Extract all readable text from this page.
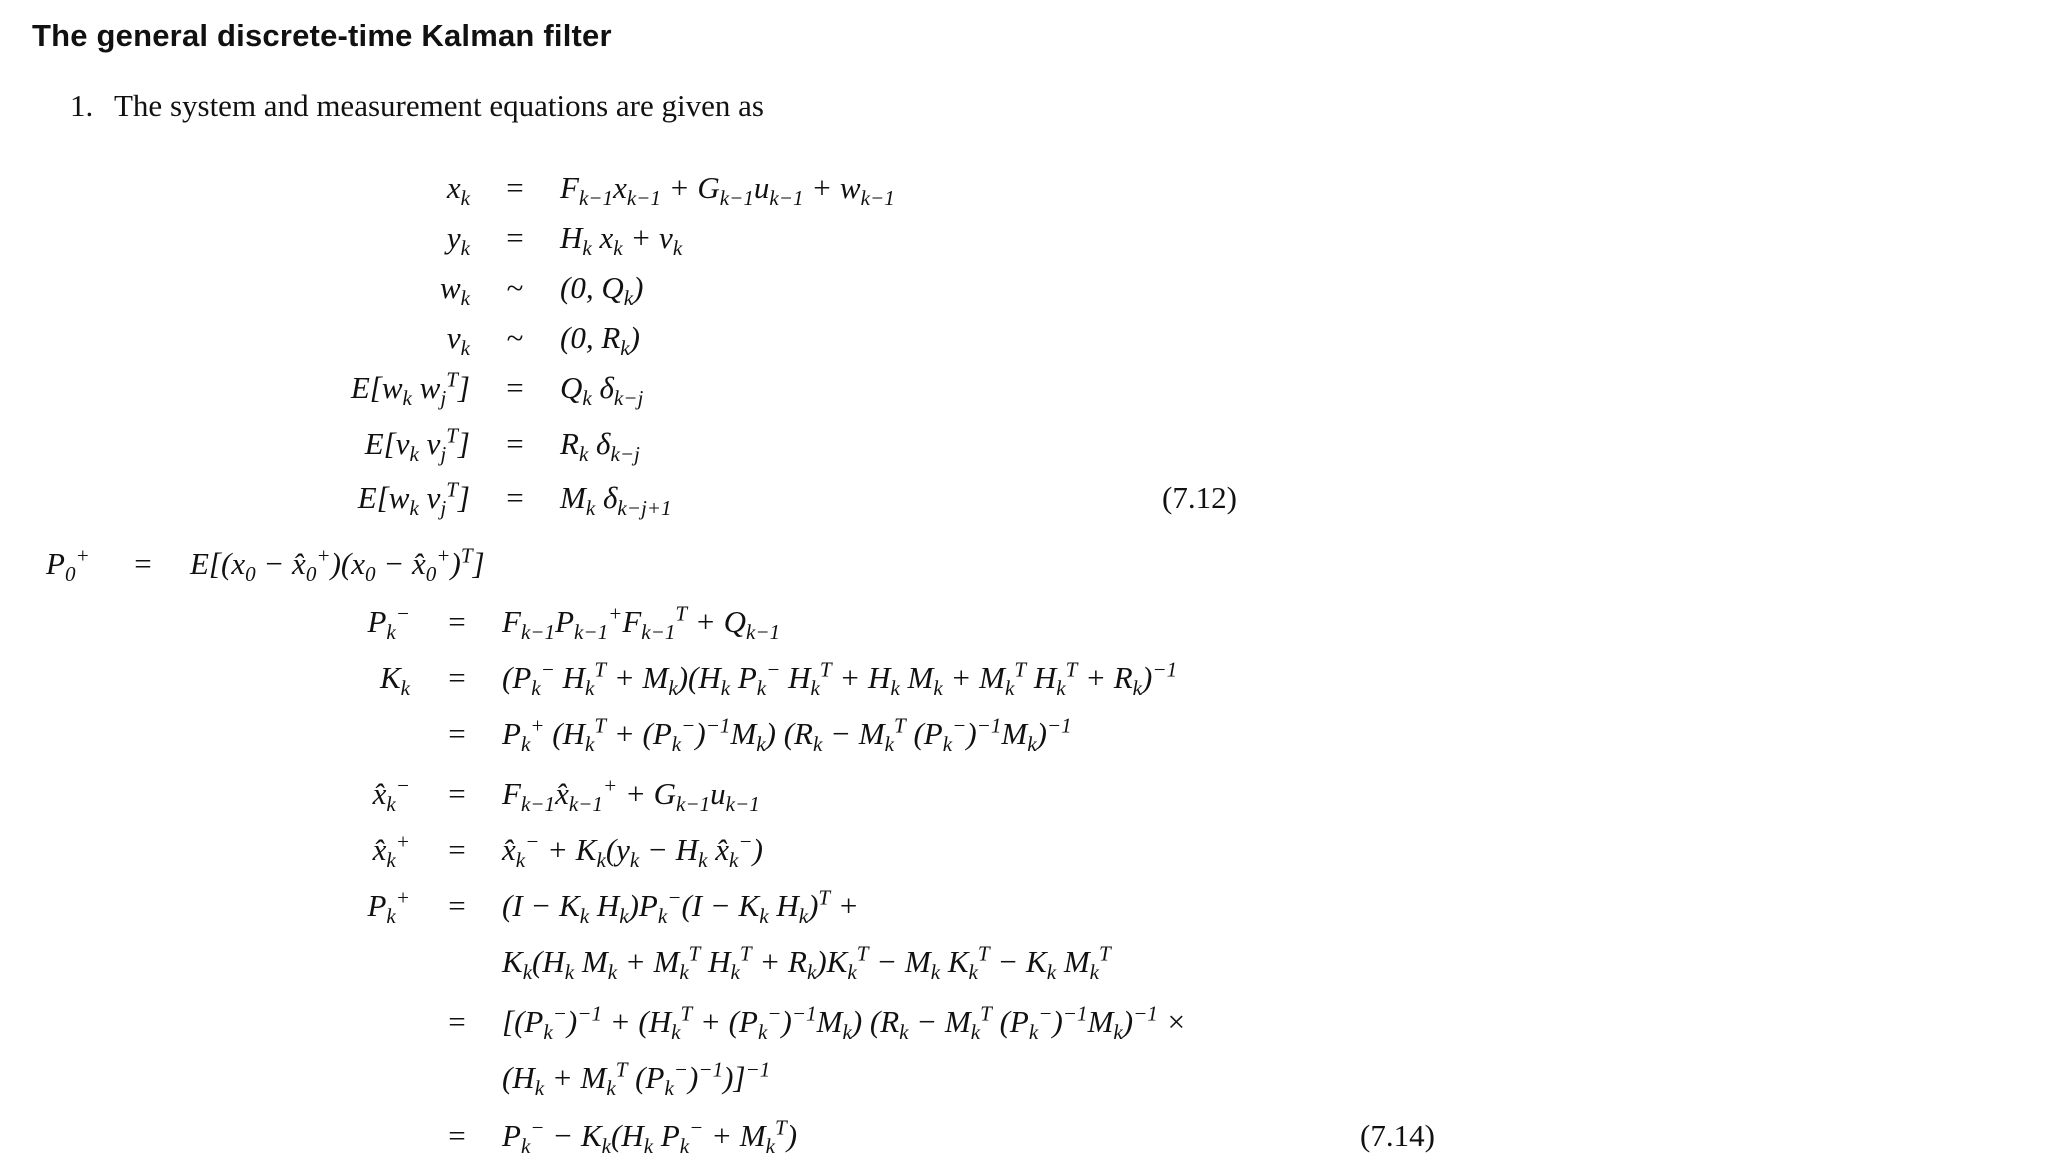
The general discrete-time Kalman filter
1. The system and measurement equations are given as
$x_k = F_{k-1}x_{k-1} + G_{k-1}u_{k-1} + w_{k-1}$
$y_k = H_k$ $x_k + v_k$
$w_k$ ~ (0, $Q_k$)
$v_k$ ~ (0, $R_k$)
$E[w_k$ $w_j^T] = Q_k$ $\delta_{k-j}$
$E[v_k$ $v_j^T] = R_k$ $\delta_{k-j}$
$E[w_k$ $v_j^T] = M_k$ $\delta_{k-j+1}$
$P_0^+ = E[(x_0$ − $x̂_0^+)(x_0$ − $x̂_0^+)^T$]
$P_k^- = F_{k-1}P_{k-1}^+F_{k-1}^T + Q_{k-1}$
$K_k = (P_k^-$ $H_k^T + M_k)(H_k$ $P_k^-$ $H_k^T + H_k$ $M_k + M_k^T$ $H_k^T + R_k)^{-1}$
= $P_k^+$ $(H_k^T + (P_k^-)^{-1}M_k) (R_k - M_k^T$ $(P_k^-)^{-1}M_k)^{-1}$
$x̂_k^-$ = $F_{k-1}x̂_{k-1}^+ + G_{k-1}u_{k-1}$
$x̂_k^+$ = $x̂_k^- + K_k(y_k - H_k$ $x̂_k^-$)
$P_k^+ = (I - K_k$ $H_k)P_k^-(I - K_k$ $H_k)^T$ +
$K_k(H_k$ $M_k + M_k^T$ $H_k^T + R_k)K_k^T - M_k$ $K_k^T - K_k$ $M_k^T$
= [$(P_k^-)^{-1} + (H_k^T + (P_k^-)^{-1}M_k) (R_k - M_k^T$ $(P_k^-)^{-1}M_k)^{-1}$ ×
($H_k + M_k^T$ $(P_k^-)^{-1})]^{-1}$
= $P_k^- - K_k(H_k$ $P_k^- + M_k^T$)
(7.12)
(7.14)
